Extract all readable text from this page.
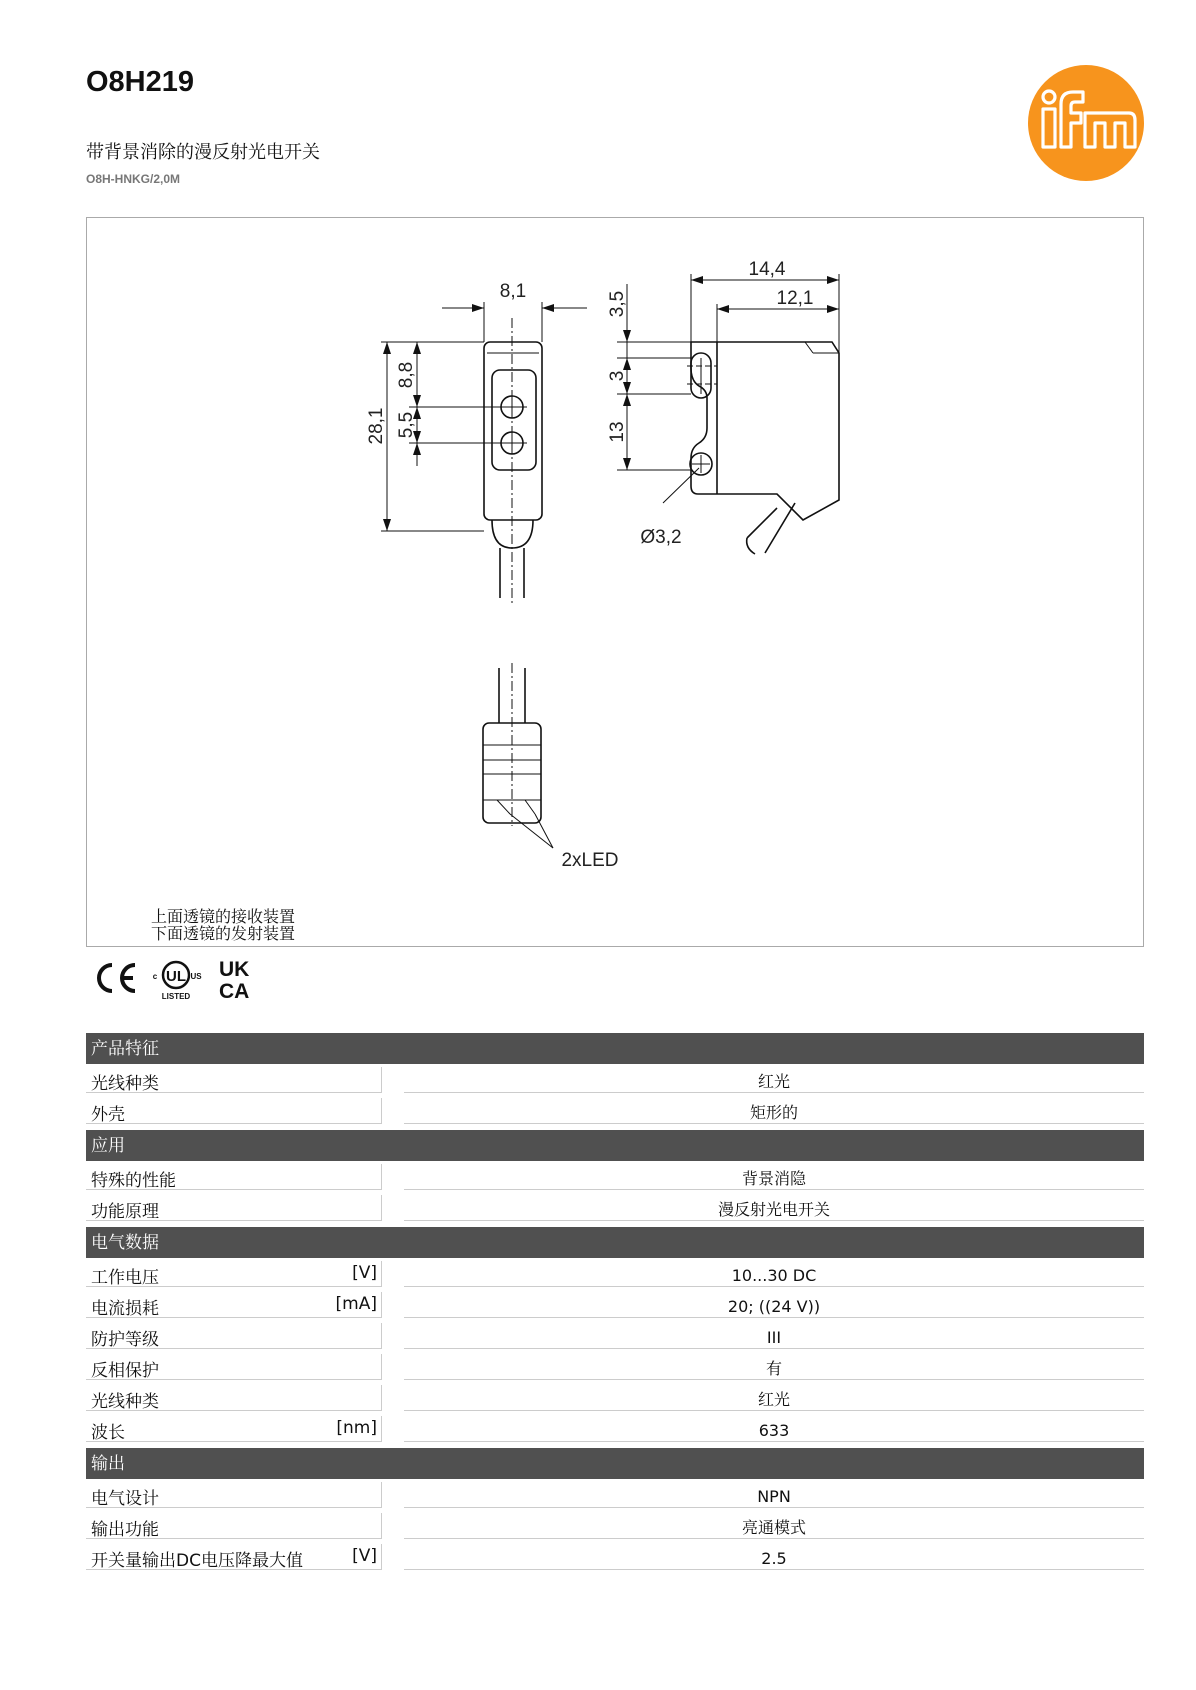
O8H219
带背景消除的漫反射光电开关
O8H-HNKG/2,0M
8,1
28,1
8,8
5,5
14,4
12,1
3,5
3
13
Ø3,2
2xLED
上面透镜的接收装置
下面透镜的发射装置
UL
c	US
LISTED
UK
CA
产品特征
光线种类	红光
外壳	矩形的
应用
特殊的性能	背景消隐
功能原理	漫反射光电开关
电气数据
工作电压	[V]	10...30 DC
电流损耗	[mA]	20; ((24 V))
防护等级	III
反相保护	有
光线种类	红光
波长	[nm]	633
输出
电气设计	NPN
输出功能	亮通模式
开关量输出DC电压降最大值	[V]	2.5
